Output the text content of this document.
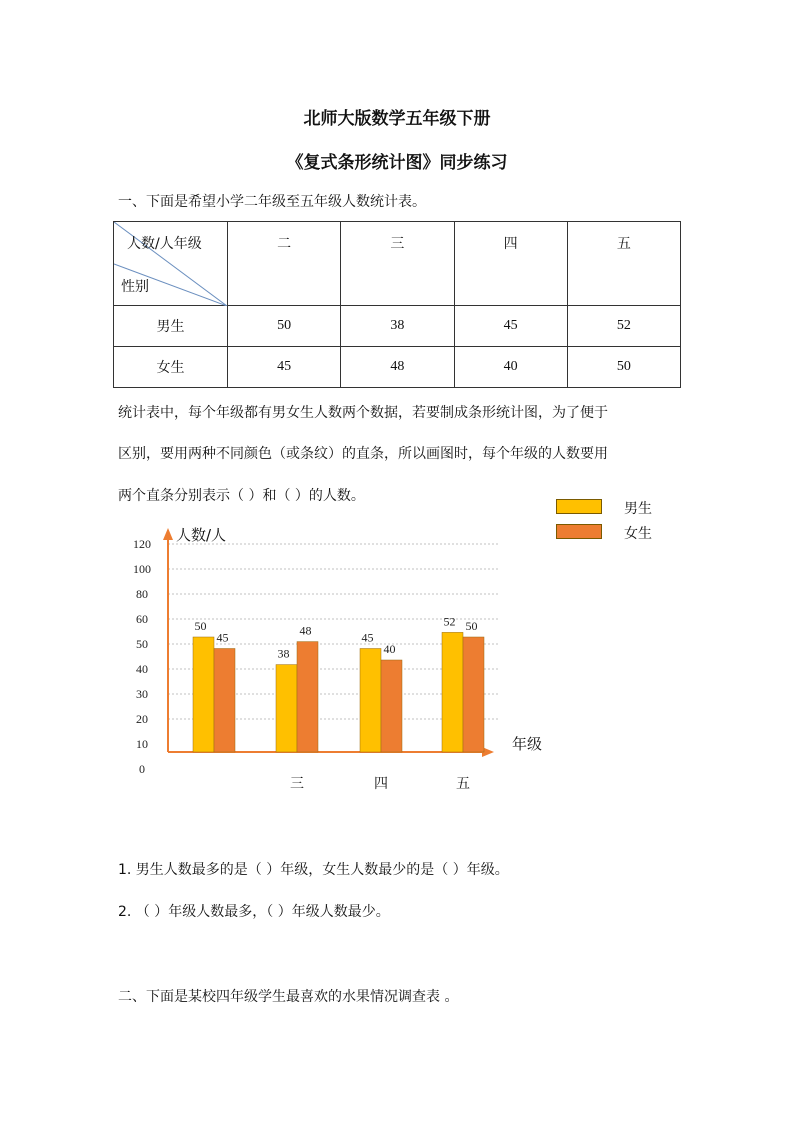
北师大版数学五年级下册
《复式条形统计图》同步练习
一、下面是希望小学二年级至五年级人数统计表。
人数/人年级
性别	二	三	四	五

男生	50	38	45	52
女生	45	48	40	50
统计表中，每个年级都有男女生人数两个数据，若要制成条形统计图，为了便于
区别，要用两种不同颜色（或条纹）的直条，所以画图时，每个年级的人数要用
两个直条分别表示（ ）和（ ）的人数。
男生
女生
0
10
20
30
40
50
60
80
100
120 人数/人
年级
50
45
38
48
三
45
40
四
52 50
五
1. 男生人数最多的是（ ）年级，女生人数最少的是（ ）年级。
2. （ ）年级人数最多，（ ）年级人数最少。
二、下面是某校四年级学生最喜欢的水果情况调查表 。
